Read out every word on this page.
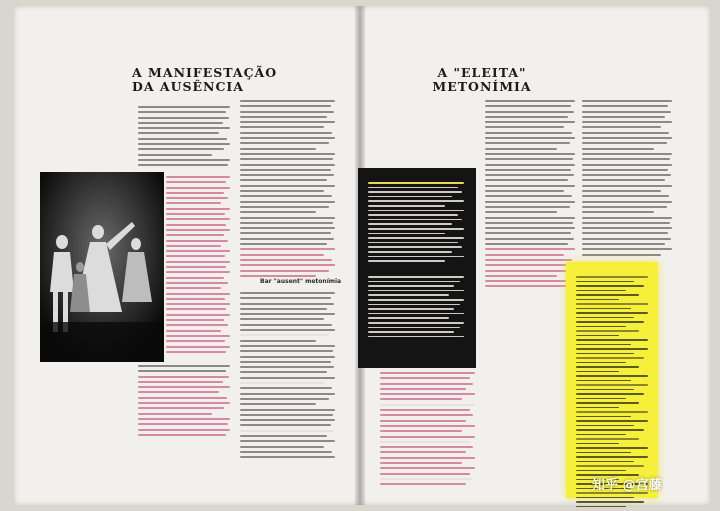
A MANIFESTAÇÃO
DA AUSÊNCIA
A "ELEITA"
METONÍMIA
Bar "ausent" metonímia
知乎 @宫藤
